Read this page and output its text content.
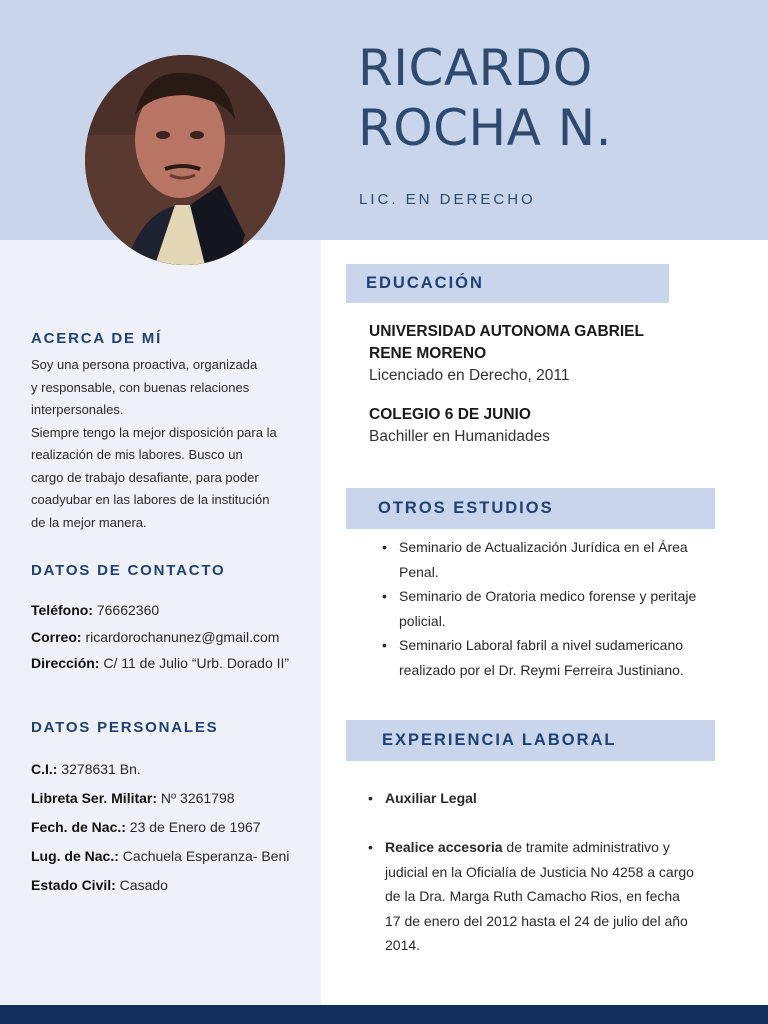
RICARDO
ROCHA N.
LIC. EN DERECHO
ACERCA DE MÍ
Soy una persona proactiva, organizada
y responsable, con buenas relaciones
interpersonales.
Siempre tengo la mejor disposición para la
realización de mis labores. Busco un
cargo de trabajo desafiante, para poder
coadyubar en las labores de la institución
de la mejor manera.
DATOS DE CONTACTO
Teléfono: 76662360
Correo: ricardorochanunez@gmail.com
Dirección: C/ 11 de Julio “Urb. Dorado II”
DATOS PERSONALES
C.I.: 3278631 Bn.
Libreta Ser. Militar: Nº 3261798
Fech. de Nac.: 23 de Enero de 1967
Lug. de Nac.: Cachuela Esperanza- Beni
Estado Civil: Casado
EDUCACIÓN
UNIVERSIDAD AUTONOMA GABRIEL
RENE MORENO
Licenciado en Derecho, 2011
COLEGIO 6 DE JUNIO
Bachiller en Humanidades
OTROS ESTUDIOS
• Seminario de Actualización Jurídica en el Área
Penal.
• Seminario de Oratoria medico forense y peritaje
policial.
• Seminario Laboral fabril a nivel sudamericano
realizado por el Dr. Reymi Ferreira Justiniano.
EXPERIENCIA LABORAL
• Auxiliar Legal
• Realice accesoria de tramite administrativo y
judicial en la Oficialía de Justicia No 4258 a cargo
de la Dra. Marga Ruth Camacho Rios, en fecha
17 de enero del 2012 hasta el 24 de julio del año
2014.
